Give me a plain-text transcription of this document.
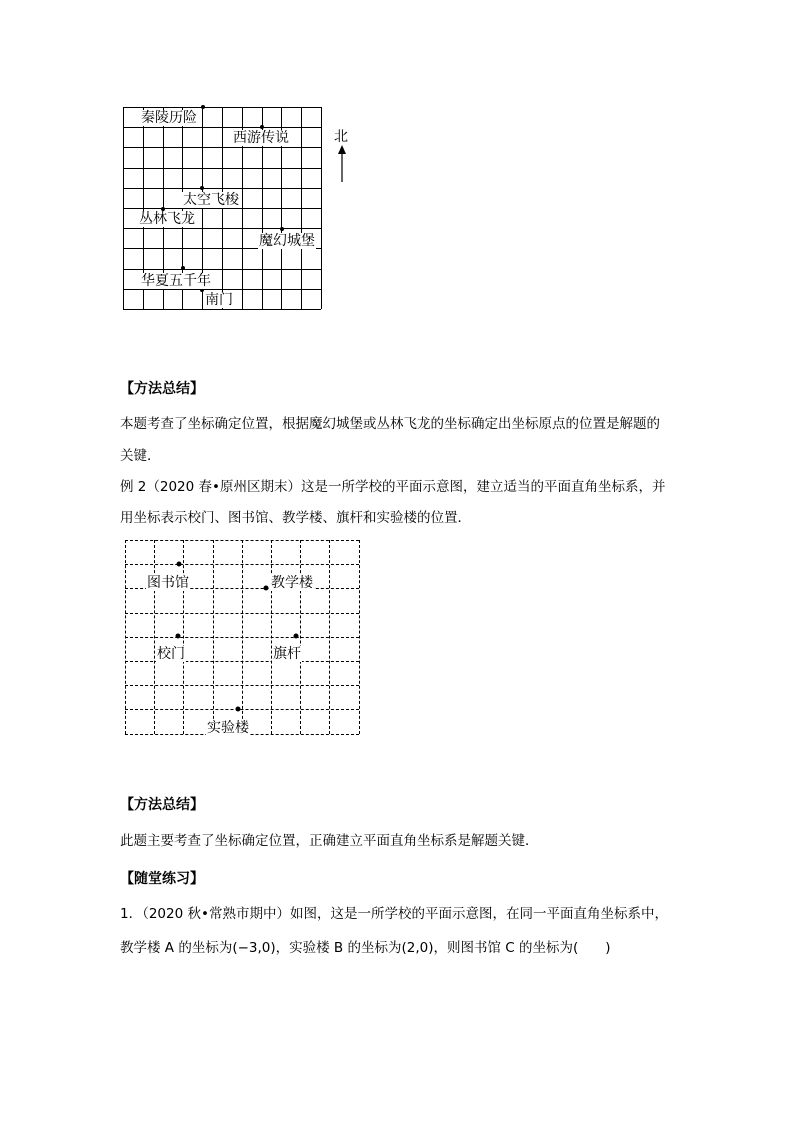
秦陵历险
西游传说
太空飞梭
丛林飞龙
魔幻城堡
华夏五千年
南门
北
【方法总结】
本题考查了坐标确定位置，根据魔幻城堡或丛林飞龙的坐标确定出坐标原点的位置是解题的
关键．
例 2（2020 春•原州区期末）这是一所学校的平面示意图，建立适当的平面直角坐标系，并
用坐标表示校门、图书馆、教学楼、旗杆和实验楼的位置．
图书馆	教学楼
校门	旗杆
实验楼
【方法总结】
此题主要考查了坐标确定位置，正确建立平面直角坐标系是解题关键．
【随堂练习】
1．（2020 秋•常熟市期中）如图，这是一所学校的平面示意图，在同一平面直角坐标系中，
教学楼 A 的坐标为(−3,0)，实验楼 B 的坐标为(2,0)，则图书馆 C 的坐标为(　　)
